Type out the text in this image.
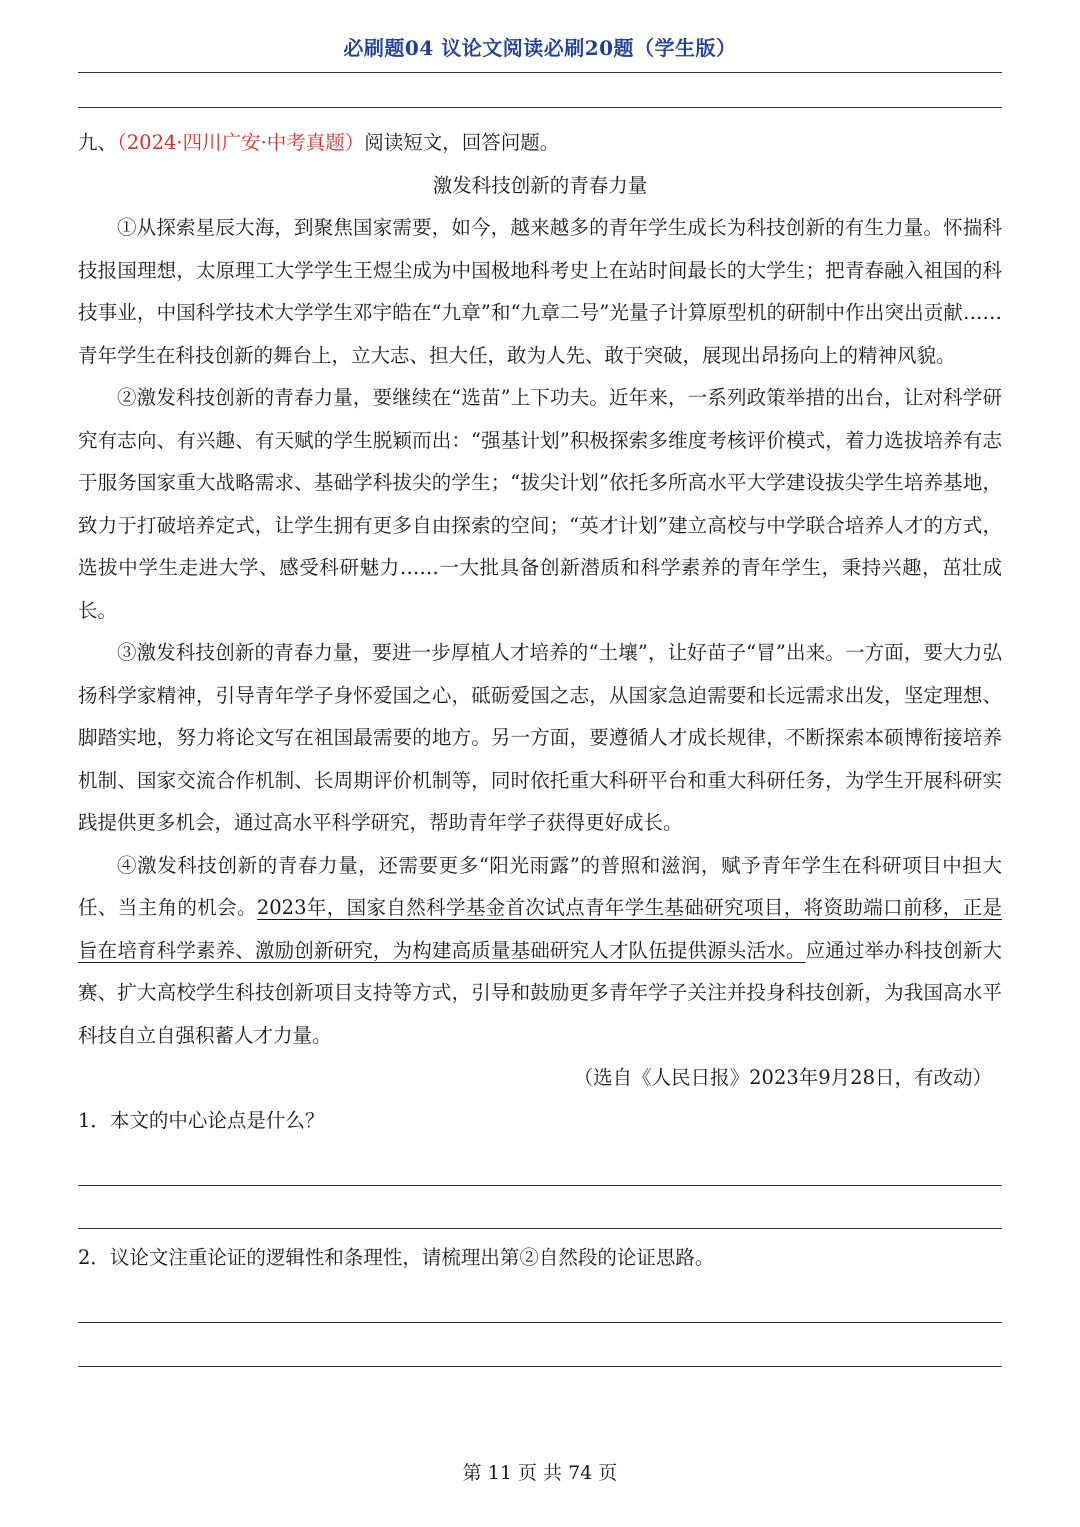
必刷题04 议论文阅读必刷20题（学生版）

九、（2024·四川广安·中考真题）阅读短文，回答问题。

激发科技创新的青春力量

①从探索星辰大海，到聚焦国家需要，如今，越来越多的青年学生成长为科技创新的有生力量。怀揣科技报国理想，太原理工大学学生王煜尘成为中国极地科考史上在站时间最长的大学生；把青春融入祖国的科技事业，中国科学技术大学学生邓宇皓在“九章”和“九章二号”光量子计算原型机的研制中作出突出贡献……青年学生在科技创新的舞台上，立大志、担大任，敢为人先、敢于突破，展现出昂扬向上的精神风貌。

②激发科技创新的青春力量，要继续在“选苗”上下功夫。近年来，一系列政策举措的出台，让对科学研究有志向、有兴趣、有天赋的学生脱颖而出：“强基计划”积极探索多维度考核评价模式，着力选拔培养有志于服务国家重大战略需求、基础学科拔尖的学生；“拔尖计划”依托多所高水平大学建设拔尖学生培养基地，致力于打破培养定式，让学生拥有更多自由探索的空间；“英才计划”建立高校与中学联合培养人才的方式，选拔中学生走进大学、感受科研魅力……一大批具备创新潜质和科学素养的青年学生，秉持兴趣，茁壮成长。

③激发科技创新的青春力量，要进一步厚植人才培养的“土壤”，让好苗子“冒”出来。一方面，要大力弘扬科学家精神，引导青年学子身怀爱国之心，砥砺爱国之志，从国家急迫需要和长远需求出发，坚定理想、脚踏实地，努力将论文写在祖国最需要的地方。另一方面，要遵循人才成长规律，不断探索本硕博衔接培养机制、国家交流合作机制、长周期评价机制等，同时依托重大科研平台和重大科研任务，为学生开展科研实践提供更多机会，通过高水平科学研究，帮助青年学子获得更好成长。

④激发科技创新的青春力量，还需要更多“阳光雨露”的普照和滋润，赋予青年学生在科研项目中担大任、当主角的机会。2023年，国家自然科学基金首次试点青年学生基础研究项目，将资助端口前移，正是旨在培育科学素养、激励创新研究，为构建高质量基础研究人才队伍提供源头活水。应通过举办科技创新大赛、扩大高校学生科技创新项目支持等方式，引导和鼓励更多青年学子关注并投身科技创新，为我国高水平科技自立自强积蓄人才力量。

（选自《人民日报》2023年9月28日，有改动）

1．本文的中心论点是什么？

2．议论文注重论证的逻辑性和条理性，请梳理出第②自然段的论证思路。

第 11 页 共 74 页
